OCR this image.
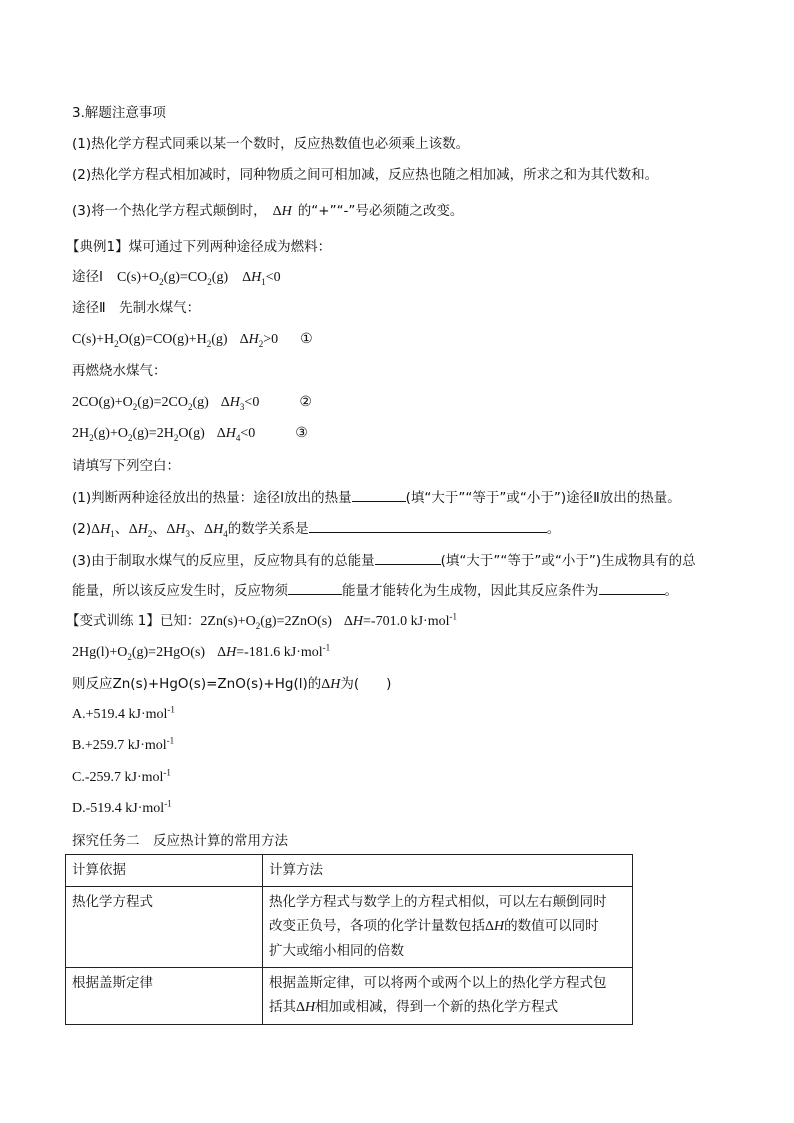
3.解题注意事项
(1)热化学方程式同乘以某一个数时，反应热数值也必须乘上该数。
(2)热化学方程式相加减时，同种物质之间可相加减，反应热也随之相加减，所求之和为其代数和。
(3)将一个热化学方程式颠倒时， ΔH 的“+”“-”号必须随之改变。
【典例1】煤可通过下列两种途径成为燃料：
途径Ⅰ $C(s)+O_2(g)=CO_2(g)$ $\Delta H_1<0$
途径Ⅱ　先制水煤气：
$C(s)+H_2O(g)=CO(g)+H_2(g)$ $\Delta H_2>0$ ①
再燃烧水煤气：
$2CO(g)+O_2(g)=2CO_2(g)$ $\Delta H_3<0$	②
$2H_2(g)+O_2(g)=2H_2O(g)$ $\Delta H_4<0$	③
请填写下列空白：
(1)判断两种途径放出的热量：途径Ⅰ放出的热量	(填“大于”“等于”或“小于”)途径Ⅱ放出的热量。
$(2)\Delta H_1$、$\Delta H_2$、$\Delta H_3$、$\Delta H_4$的数学关系是	。
(3)由于制取水煤气的反应里，反应物具有的总能量	(填“大于”“等于”或“小于”)生成物具有的总
能量，所以该反应发生时，反应物须	能量才能转化为生成物，因此其反应条件为	。
【变式训练 1】已知：$2Zn(s)+O_2(g)=2ZnO(s)$ ΔH=-701.0 kJ·mol$^{-1}$
$2Hg(l)+O_2(g)=2HgO(s)$ ΔH=-181.6 kJ·mol$^{-1}$
则反应Zn(s)+HgO(s)=ZnO(s)+Hg(l)的ΔH为(　　)
A.+519.4 kJ·mol$^{-1}$
B.+259.7 kJ·mol$^{-1}$
C.-259.7 kJ·mol$^{-1}$
D.-519.4 kJ·mol$^{-1}$
探究任务二　反应热计算的常用方法
计算依据	计算方法
热化学方程式	热化学方程式与数学上的方程式相似，可以左右颠倒同时
改变正负号，各项的化学计量数包括ΔH的数值可以同时
扩大或缩小相同的倍数

根据盖斯定律	根据盖斯定律，可以将两个或两个以上的热化学方程式包
括其ΔH相加或相减，得到一个新的热化学方程式
